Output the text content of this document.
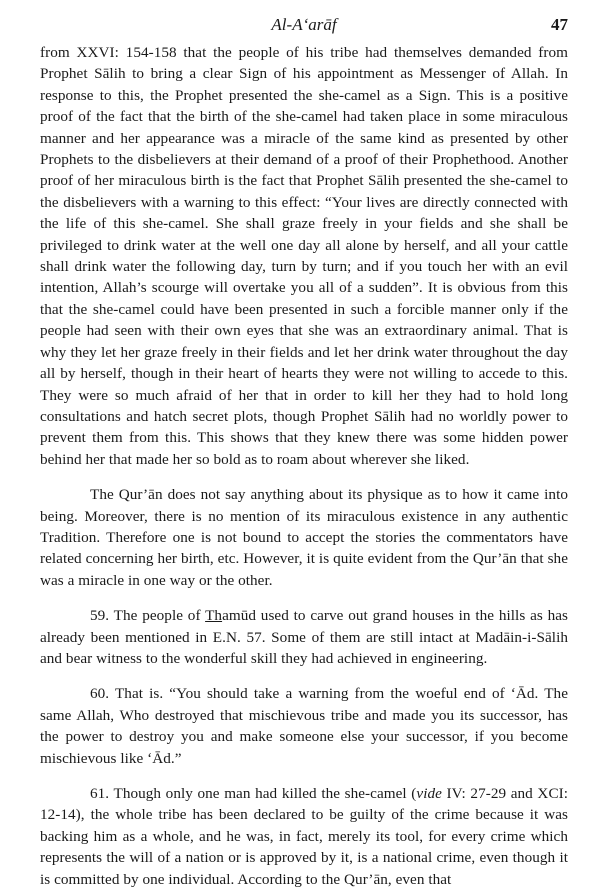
Al-A‘arāf	47

from XXVI: 154-158 that the people of his tribe had themselves demanded from Prophet Sālih to bring a clear Sign of his appointment as Messenger of Allah. In response to this, the Prophet presented the she-camel as a Sign. This is a positive proof of the fact that the birth of the she-camel had taken place in some miraculous manner and her appearance was a miracle of the same kind as presented by other Prophets to the disbelievers at their demand of a proof of their Prophethood. Another proof of her miraculous birth is the fact that Prophet Sālih presented the she-camel to the disbelievers with a warning to this effect: “Your lives are directly connected with the life of this she-camel. She shall graze freely in your fields and she shall be privileged to drink water at the well one day all alone by herself, and all your cattle shall drink water the following day, turn by turn; and if you touch her with an evil intention, Allah’s scourge will overtake you all of a sudden”. It is obvious from this that the she-camel could have been presented in such a forcible manner only if the people had seen with their own eyes that she was an extraordinary animal. That is why they let her graze freely in their fields and let her drink water throughout the day all by herself, though in their heart of hearts they were not willing to accede to this. They were so much afraid of her that in order to kill her they had to hold long consultations and hatch secret plots, though Prophet Sālih had no worldly power to prevent them from this. This shows that they knew there was some hidden power behind her that made her so bold as to roam about wherever she liked.

The Qur’ān does not say anything about its physique as to how it came into being. Moreover, there is no mention of its miraculous existence in any authentic Tradition. Therefore one is not bound to accept the stories the commentators have related concerning her birth, etc. However, it is quite evident from the Qur’ān that she was a miracle in one way or the other.

59. The people of Thamūd used to carve out grand houses in the hills as has already been mentioned in E.N. 57. Some of them are still intact at Madāin-i-Sālih and bear witness to the wonderful skill they had achieved in engineering.

60. That is. “You should take a warning from the woeful end of ‘Ād. The same Allah, Who destroyed that mischievous tribe and made you its successor, has the power to destroy you and make someone else your successor, if you become mischievous like ‘Ād.”

61. Though only one man had killed the she-camel (vide IV: 27-29 and XCI: 12-14), the whole tribe has been declared to be guilty of the crime because it was backing him as a whole, and he was, in fact, merely its tool, for every crime which represents the will of a nation or is approved by it, is a national crime, even though it is committed by one individual. According to the Qur’ān, even that
